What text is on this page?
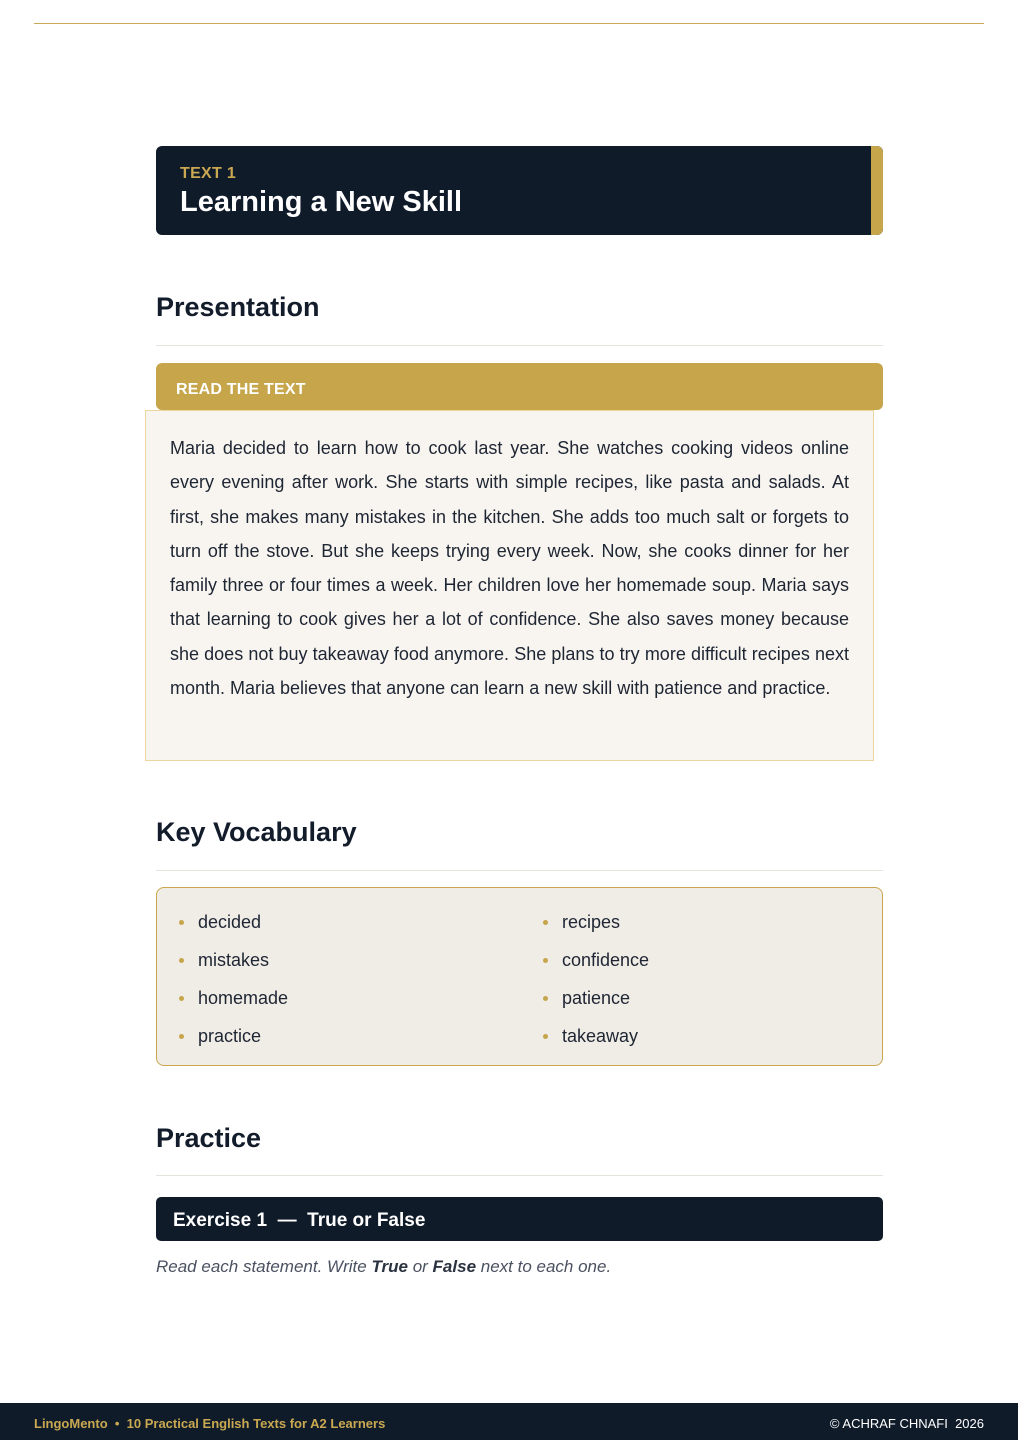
TEXT 1
Learning a New Skill
Presentation
READ THE TEXT

Maria decided to learn how to cook last year. She watches cooking videos online every evening after work. She starts with simple recipes, like pasta and salads. At first, she makes many mistakes in the kitchen. She adds too much salt or forgets to turn off the stove. But she keeps trying every week. Now, she cooks dinner for her family three or four times a week. Her children love her homemade soup. Maria says that learning to cook gives her a lot of confidence. She also saves money because she does not buy takeaway food anymore. She plans to try more difficult recipes next month. Maria believes that anyone can learn a new skill with patience and practice.

Key Vocabulary
decided
mistakes
homemade
practice
recipes
confidence
patience
takeaway
Practice
Exercise 1  —  True or False
Read each statement. Write True or False next to each one.
LingoMento  •  10 Practical English Texts for A2 Learners	© ACHRAF CHNAFI  2026
